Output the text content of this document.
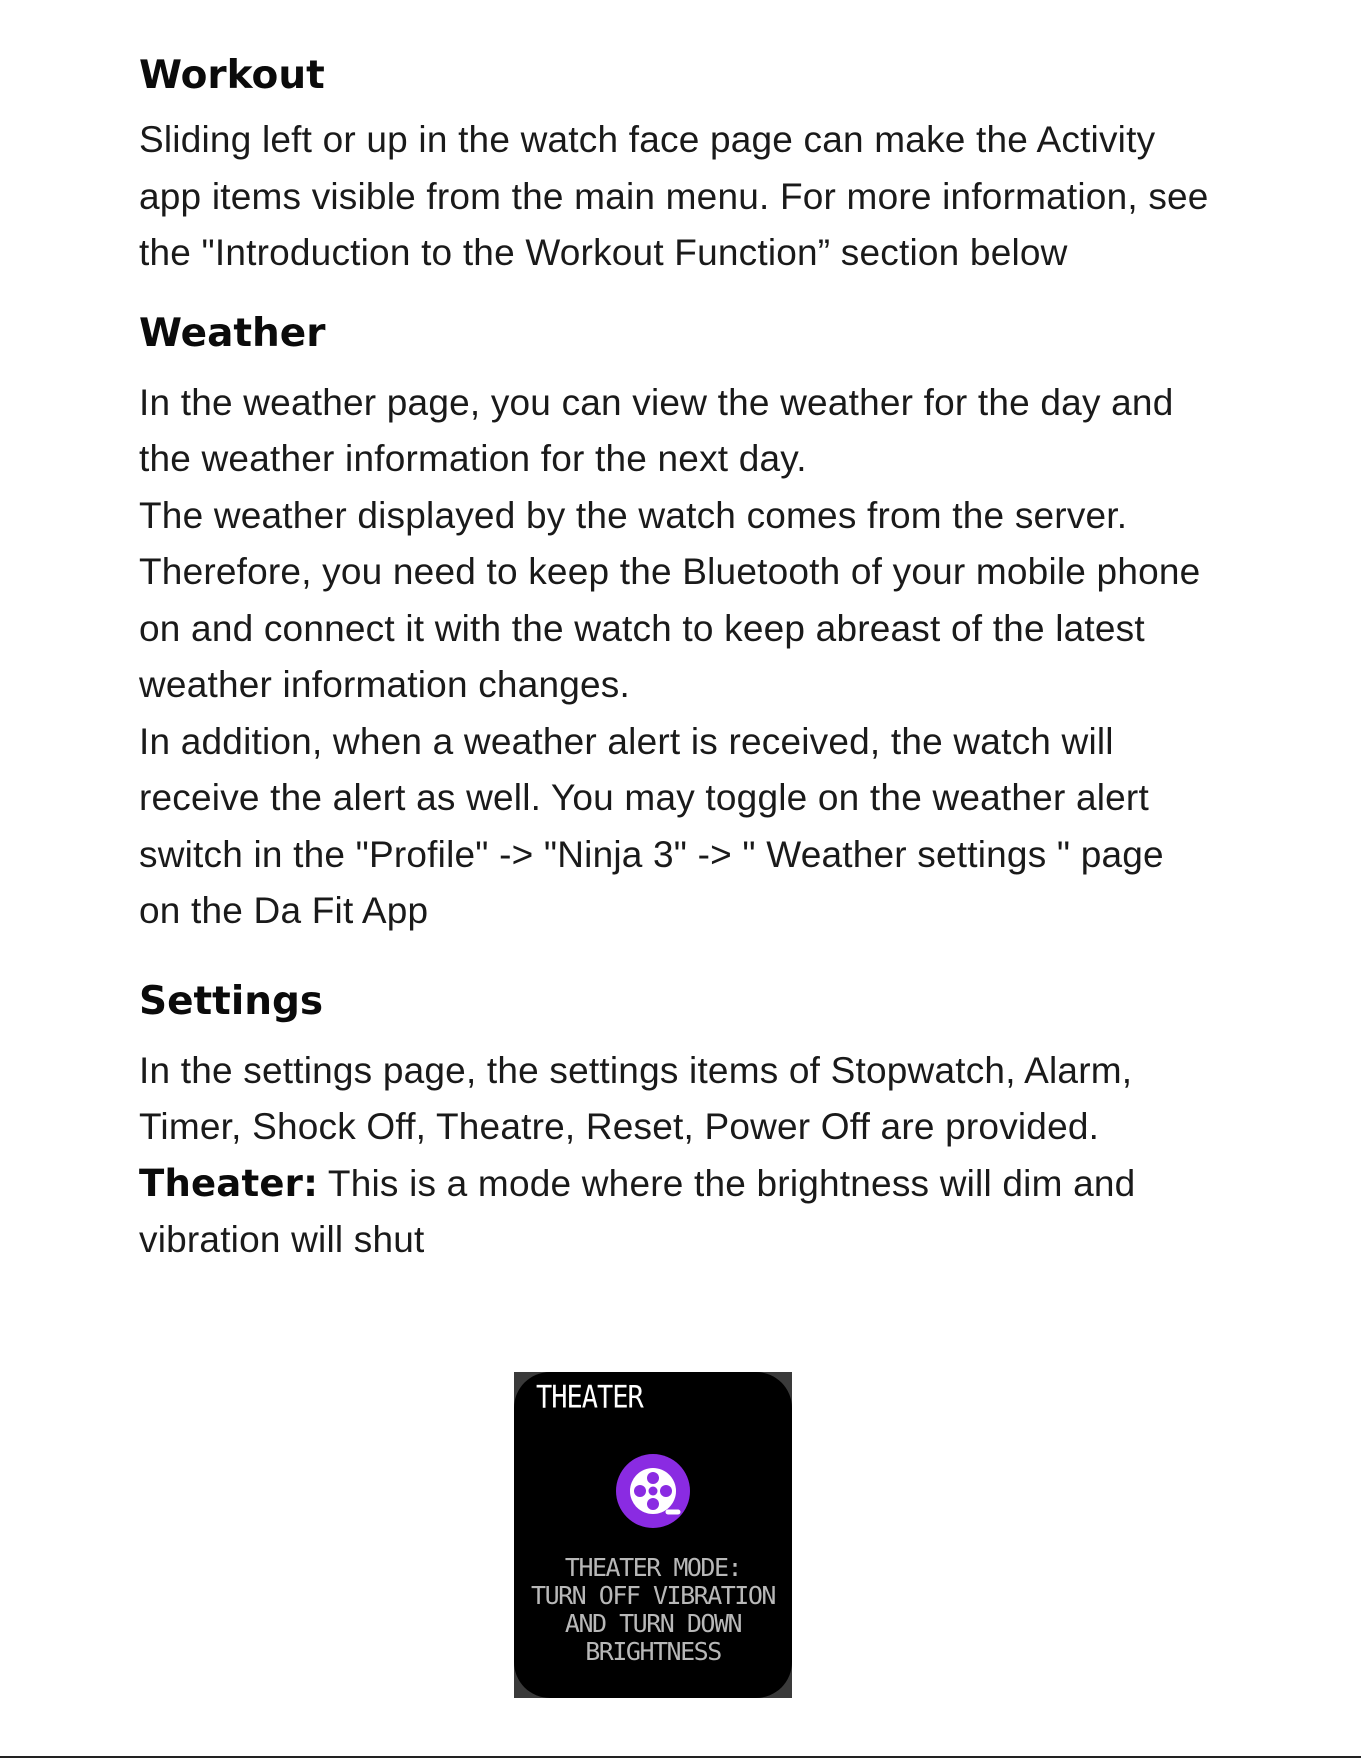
Workout

Sliding left or up in the watch face page can make the Activity

app items visible from the main menu. For more information, see

the "Introduction to the Workout Function” section below

Weather

In the weather page, you can view the weather for the day and

the weather information for the next day.

The weather displayed by the watch comes from the server.

Therefore, you need to keep the Bluetooth of your mobile phone

on and connect it with the watch to keep abreast of the latest

weather information changes.

In addition, when a weather alert is received, the watch will

receive the alert as well. You may toggle on the weather alert

switch in the "Profile" -> "Ninja 3" -> " Weather settings " page

on the Da Fit App

Settings

In the settings page, the settings items of Stopwatch, Alarm,

Timer, Shock Off, Theatre, Reset, Power Off are provided.

Theater: This is a mode where the brightness will dim and

vibration will shut

THEATER
THEATER MODE:
TURN OFF VIBRATION
AND TURN DOWN
BRIGHTNESS
